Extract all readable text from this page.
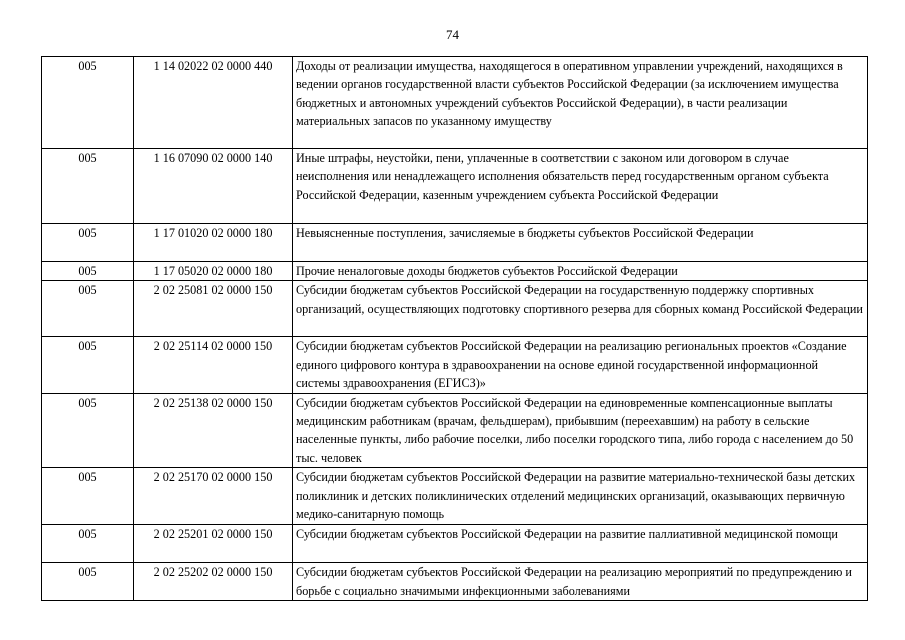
74
005	1 14 02022 02 0000 440	Доходы от реализации имущества, находящегося в оперативном управлении учреждений, находящихся в ведении органов государственной власти субъектов Российской Федерации (за исключением имущества бюджетных и автономных учреждений субъектов Российской Федерации), в части реализации материальных запасов по указанному имуществу
005	1 16 07090 02 0000 140	Иные штрафы, неустойки, пени, уплаченные в соответствии с законом или договором в случае неисполнения или ненадлежащего исполнения обязательств перед государственным органом субъекта Российской Федерации, казенным учреждением субъекта Российской Федерации
005	1 17 01020 02 0000 180	Невыясненные поступления, зачисляемые в бюджеты субъектов Российской Федерации
005	1 17 05020 02 0000 180	Прочие неналоговые доходы бюджетов субъектов Российской Федерации
005	2 02 25081 02 0000 150	Субсидии бюджетам субъектов Российской Федерации на государственную поддержку спортивных организаций, осуществляющих подготовку спортивного резерва для сборных команд Российской Федерации
005	2 02 25114 02 0000 150	Субсидии бюджетам субъектов Российской Федерации на реализацию региональных проектов «Создание единого цифрового контура в здравоохранении на основе единой государственной информационной системы здравоохранения (ЕГИСЗ)»
005	2 02 25138 02 0000 150	Субсидии бюджетам субъектов Российской Федерации на единовременные компенсационные выплаты медицинским работникам (врачам, фельдшерам), прибывшим (переехавшим) на работу в сельские населенные пункты, либо рабочие поселки, либо поселки городского типа, либо города с населением до 50 тыс. человек
005	2 02 25170 02 0000 150	Субсидии бюджетам субъектов Российской Федерации на развитие материально-технической базы детских поликлиник и детских поликлинических отделений медицинских организаций, оказывающих первичную медико-санитарную помощь
005	2 02 25201 02 0000 150	Субсидии бюджетам субъектов Российской Федерации на развитие паллиативной медицинской помощи
005	2 02 25202 02 0000 150	Субсидии бюджетам субъектов Российской Федерации на реализацию мероприятий по предупреждению и борьбе с социально значимыми инфекционными заболеваниями
